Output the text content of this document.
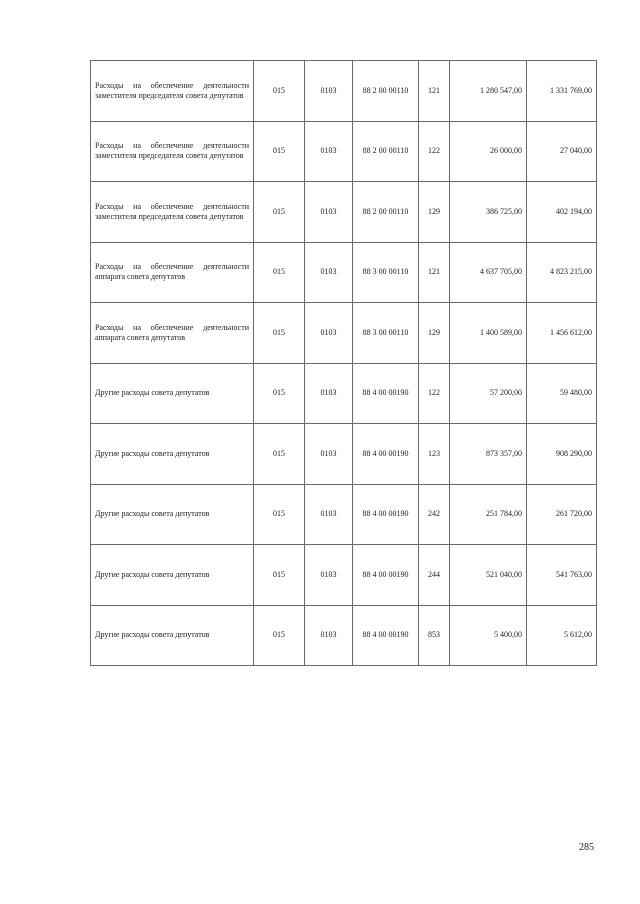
Расходы на обеспечение деятельности заместителя председателя совета депутатов	015	0103	88 2 00 00110	121	1 280 547,00	1 331 769,00
Расходы на обеспечение деятельности заместителя председателя совета депутатов	015	0103	88 2 00 00110	122	26 000,00	27 040,00
Расходы на обеспечение деятельности заместителя председателя совета депутатов	015	0103	88 2 00 00110	129	386 725,00	402 194,00
Расходы на обеспечение деятельности аппарата совета депутатов	015	0103	88 3 00 00110	121	4 637 705,00	4 823 215,00
Расходы на обеспечение деятельности аппарата совета депутатов	015	0103	88 3 00 00110	129	1 400 589,00	1 456 612,00
Другие расходы совета депутатов	015	0103	88 4 00 00190	122	57 200,00	59 480,00
Другие расходы совета депутатов	015	0103	88 4 00 00190	123	873 357,00	908 290,00
Другие расходы совета депутатов	015	0103	88 4 00 00190	242	251 784,00	261 720,00
Другие расходы совета депутатов	015	0103	88 4 00 00190	244	521 040,00	541 763,00
Другие расходы совета депутатов	015	0103	88 4 00 00190	853	5 400,00	5 612,00
285
